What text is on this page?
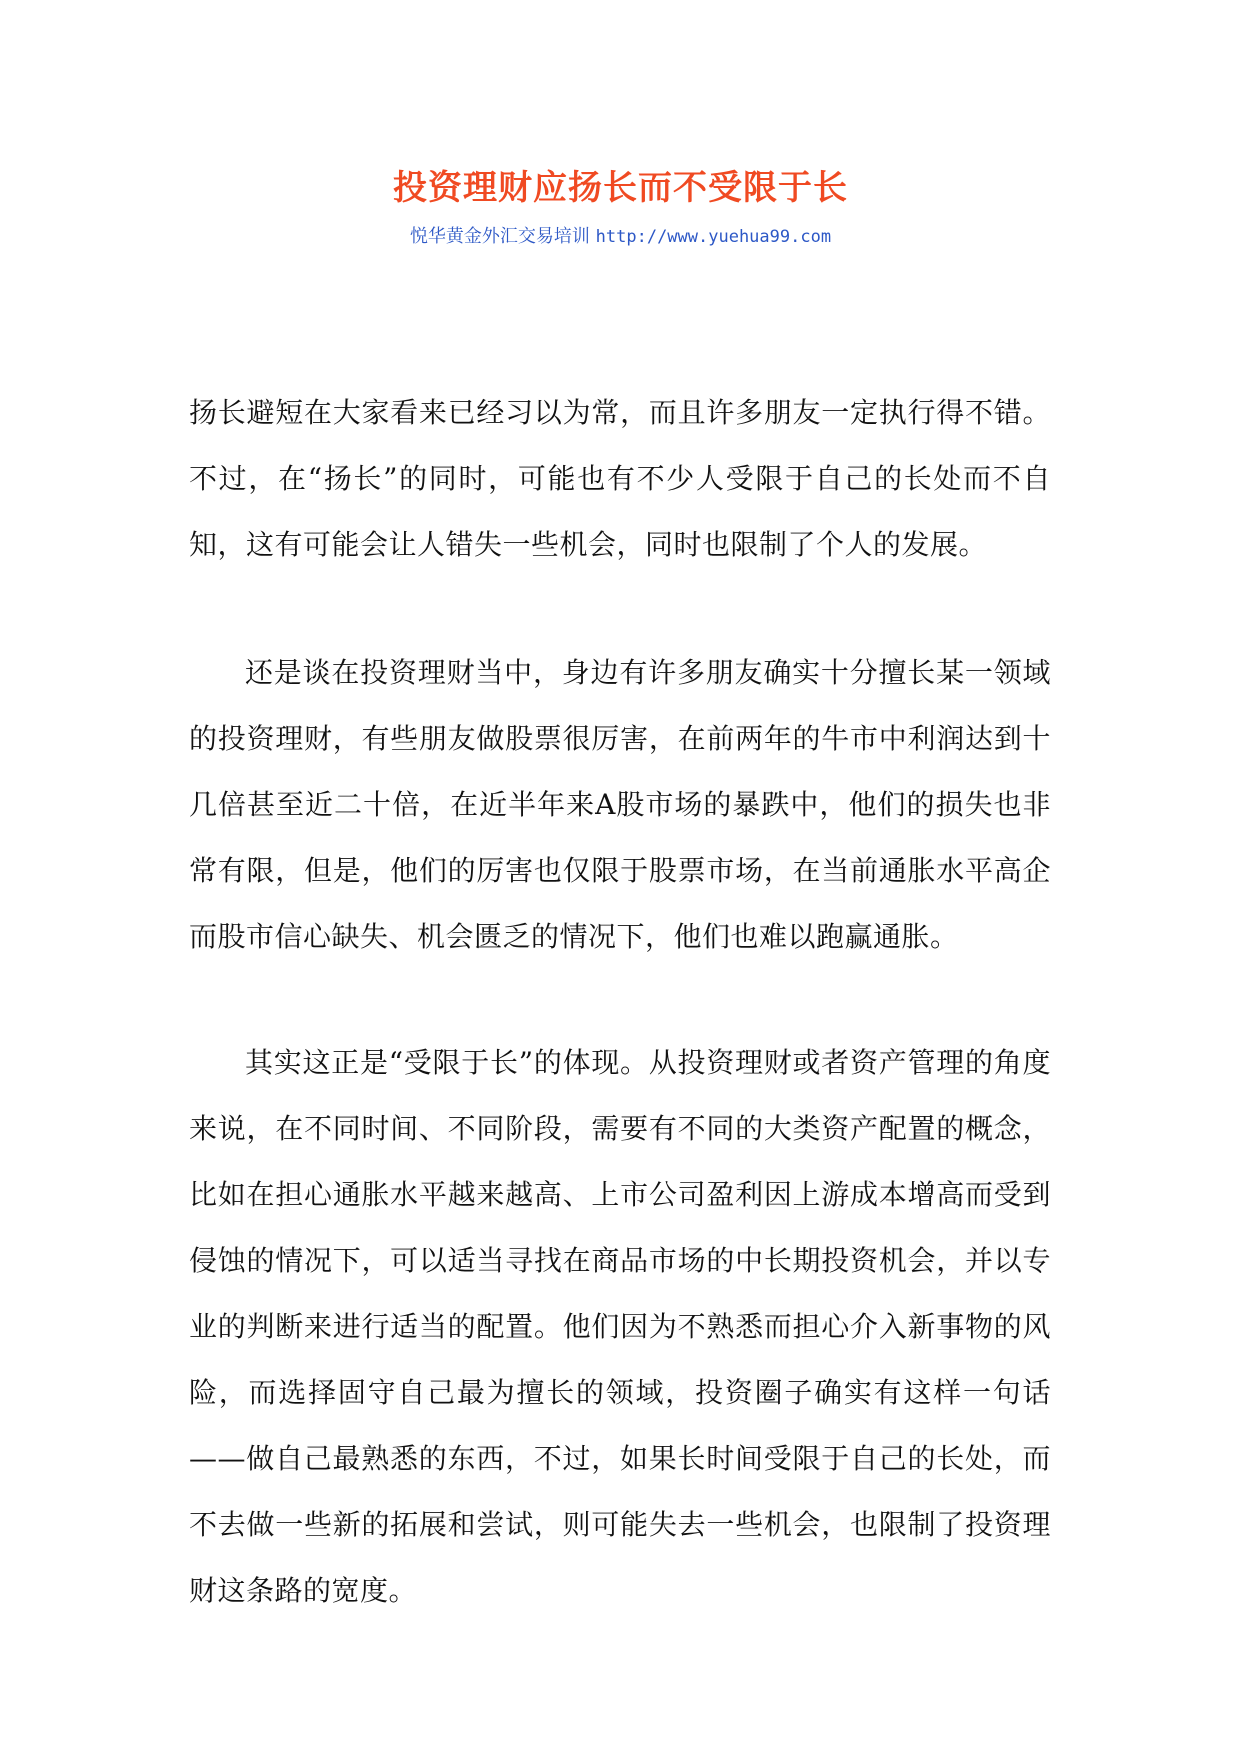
投资理财应扬长而不受限于长
悦华黄金外汇交易培训 http://www.yuehua99.com

扬长避短在大家看来已经习以为常，而且许多朋友一定执行得不错。不过，在“扬长”的同时，可能也有不少人受限于自己的长处而不自知，这有可能会让人错失一些机会，同时也限制了个人的发展。

还是谈在投资理财当中，身边有许多朋友确实十分擅长某一领域的投资理财，有些朋友做股票很厉害，在前两年的牛市中利润达到十几倍甚至近二十倍，在近半年来A股市场的暴跌中，他们的损失也非常有限，但是，他们的厉害也仅限于股票市场，在当前通胀水平高企而股市信心缺失、机会匮乏的情况下，他们也难以跑赢通胀。

其实这正是“受限于长”的体现。从投资理财或者资产管理的角度来说，在不同时间、不同阶段，需要有不同的大类资产配置的概念，比如在担心通胀水平越来越高、上市公司盈利因上游成本增高而受到侵蚀的情况下，可以适当寻找在商品市场的中长期投资机会，并以专业的判断来进行适当的配置。他们因为不熟悉而担心介入新事物的风险，而选择固守自己最为擅长的领域，投资圈子确实有这样一句话——做自己最熟悉的东西，不过，如果长时间受限于自己的长处，而不去做一些新的拓展和尝试，则可能失去一些机会，也限制了投资理财这条路的宽度。
